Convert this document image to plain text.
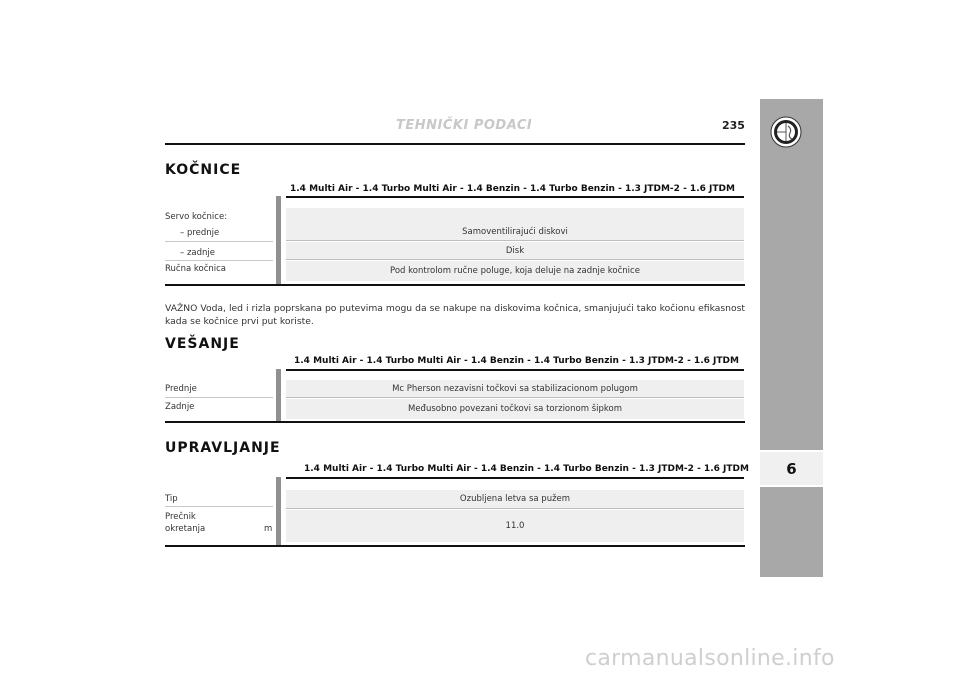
TEHNIČKI PODACI	235
6
KOČNICE
1.4 Multi Air - 1.4 Turbo Multi Air - 1.4 Benzin - 1.4 Turbo Benzin - 1.3 JTDM-2 - 1.6 JTDM
Servo kočnice:
– prednje
– zadnje
Ručna kočnica
Samoventilirajući diskovi
Disk
Pod kontrolom ručne poluge, koja deluje na zadnje kočnice
VAŽNO Voda, led i rizla poprskana po putevima mogu da se nakupe na diskovima kočnica, smanjujući tako kočionu efikasnost kada se kočnice prvi put koriste.
VEŠANJE
1.4 Multi Air - 1.4 Turbo Multi Air - 1.4 Benzin - 1.4 Turbo Benzin - 1.3 JTDM-2 - 1.6 JTDM
Prednje
Zadnje
Mc Pherson nezavisni točkovi sa stabilizacionom polugom
Međusobno povezani točkovi sa torzionom šipkom
UPRAVLJANJE
1.4 Multi Air - 1.4 Turbo Multi Air - 1.4 Benzin - 1.4 Turbo Benzin - 1.3 JTDM-2 - 1.6 JTDM
Tip
Prečnik
okretanja	m
Ozubljena letva sa pužem
11.0
carmanualsonline.info
